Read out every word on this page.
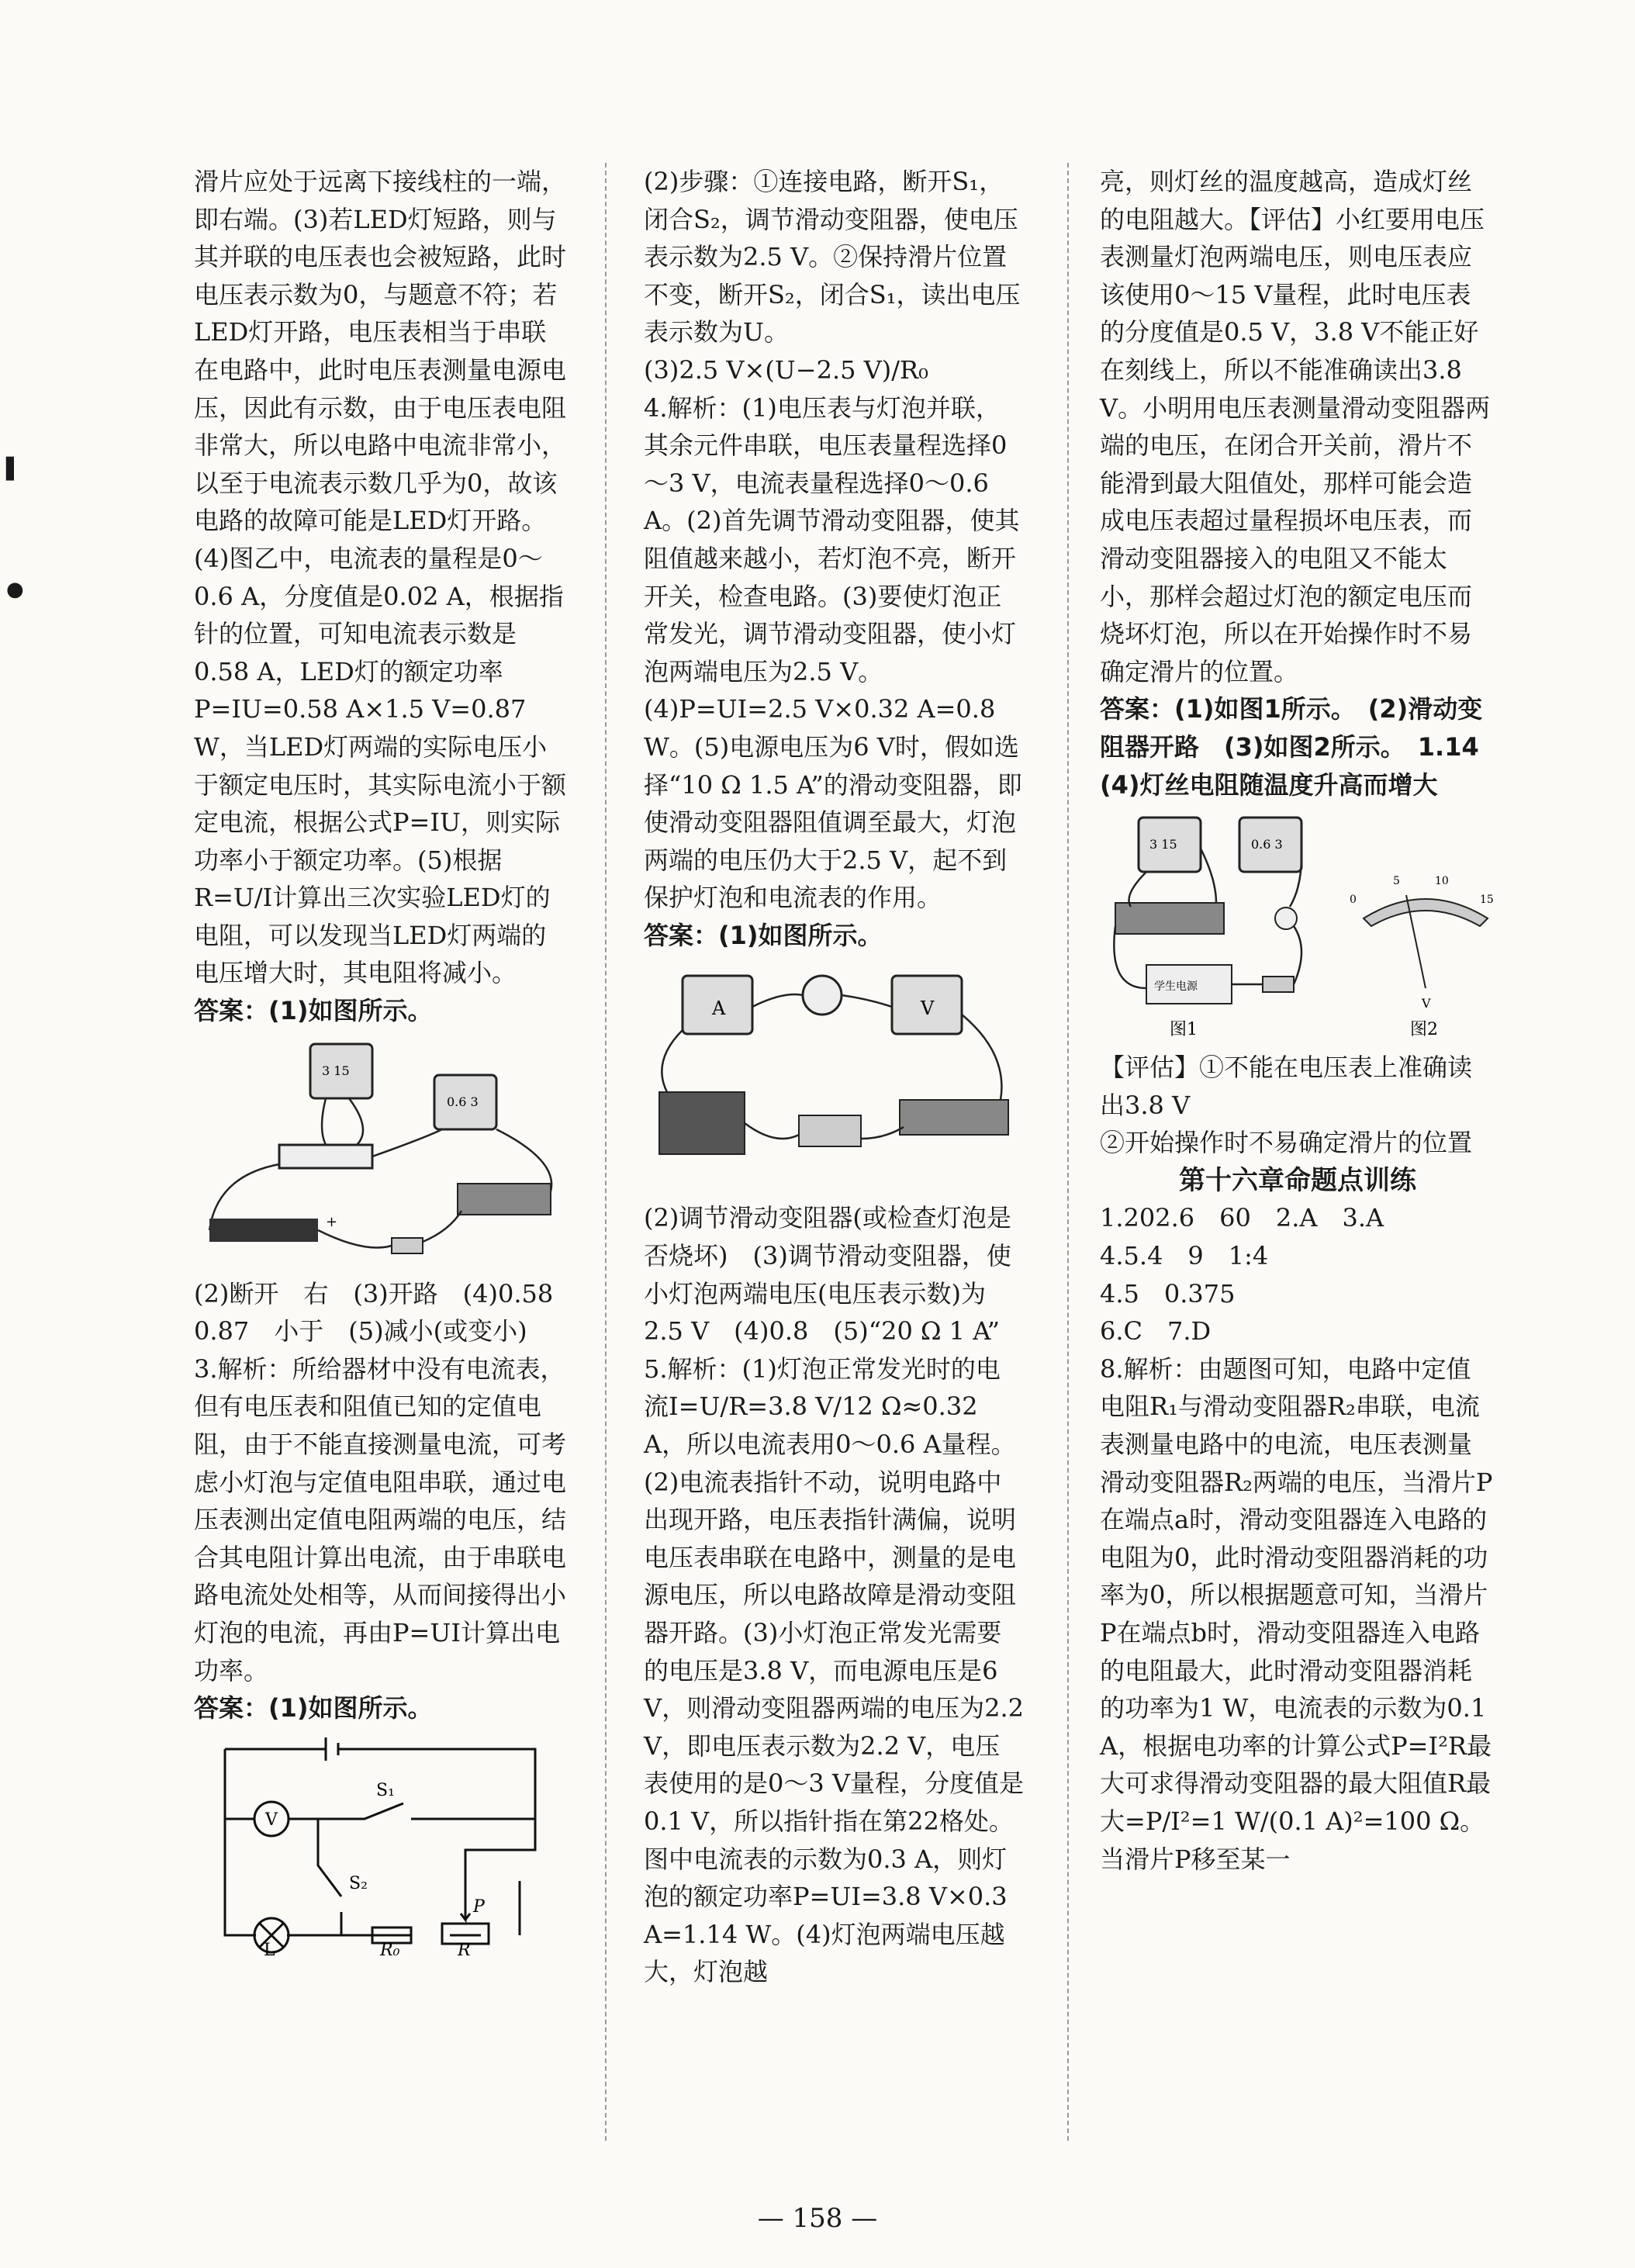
▌
●

滑片应处于远离下接线柱的一端，即右端。(3)若LED灯短路，则与其并联的电压表也会被短路，此时电压表示数为0，与题意不符；若LED灯开路，电压表相当于串联在电路中，此时电压表测量电源电压，因此有示数，由于电压表电阻非常大，所以电路中电流非常小，以至于电流表示数几乎为0，故该电路的故障可能是LED灯开路。(4)图乙中，电流表的量程是0～0.6 A，分度值是0.02 A，根据指针的位置，可知电流表示数是0.58 A，LED灯的额定功率P=IU=0.58 A×1.5 V=0.87 W，当LED灯两端的实际电压小于额定电压时，其实际电流小于额定电流，根据公式P=IU，则实际功率小于额定功率。(5)根据R=U/I计算出三次实验LED灯的电阻，可以发现当LED灯两端的电压增大时，其电阻将减小。

答案：(1)如图所示。

3 15
0.6 3
+

(2)断开　右　(3)开路　(4)0.58　0.87　小于　(5)减小(或变小)

3.解析：所给器材中没有电流表，但有电压表和阻值已知的定值电阻，由于不能直接测量电流，可考虑小灯泡与定值电阻串联，通过电压表测出定值电阻两端的电压，结合其电阻计算出电流，由于串联电路电流处处相等，从而间接得出小灯泡的电流，再由P=UI计算出电功率。

答案：(1)如图所示。

V
S₁
S₂
L	R₀	R
P

(2)步骤：①连接电路，断开S₁，闭合S₂，调节滑动变阻器，使电压表示数为2.5 V。②保持滑片位置不变，断开S₂，闭合S₁，读出电压表示数为U。

(3)2.5 V×(U−2.5 V)/R₀

4.解析：(1)电压表与灯泡并联，其余元件串联，电压表量程选择0～3 V，电流表量程选择0～0.6 A。(2)首先调节滑动变阻器，使其阻值越来越小，若灯泡不亮，断开开关，检查电路。(3)要使灯泡正常发光，调节滑动变阻器，使小灯泡两端电压为2.5 V。(4)P=UI=2.5 V×0.32 A=0.8 W。(5)电源电压为6 V时，假如选择“10 Ω 1.5 A”的滑动变阻器，即使滑动变阻器阻值调至最大，灯泡两端的电压仍大于2.5 V，起不到保护灯泡和电流表的作用。

答案：(1)如图所示。

A	V

(2)调节滑动变阻器(或检查灯泡是否烧坏)　(3)调节滑动变阻器，使小灯泡两端电压(电压表示数)为2.5 V　(4)0.8　(5)“20 Ω 1 A”

5.解析：(1)灯泡正常发光时的电流I=U/R=3.8 V/12 Ω≈0.32 A，所以电流表用0～0.6 A量程。(2)电流表指针不动，说明电路中出现开路，电压表指针满偏，说明电压表串联在电路中，测量的是电源电压，所以电路故障是滑动变阻器开路。(3)小灯泡正常发光需要的电压是3.8 V，而电源电压是6 V，则滑动变阻器两端的电压为2.2 V，即电压表示数为2.2 V，电压表使用的是0～3 V量程，分度值是0.1 V，所以指针指在第22格处。图中电流表的示数为0.3 A，则灯泡的额定功率P=UI=3.8 V×0.3 A=1.14 W。(4)灯泡两端电压越大，灯泡越

亮，则灯丝的温度越高，造成灯丝的电阻越大。【评估】小红要用电压表测量灯泡两端电压，则电压表应该使用0～15 V量程，此时电压表的分度值是0.5 V，3.8 V不能正好在刻线上，所以不能准确读出3.8 V。小明用电压表测量滑动变阻器两端的电压，在闭合开关前，滑片不能滑到最大阻值处，那样可能会造成电压表超过量程损坏电压表，而滑动变阻器接入的电阻又不能太小，那样会超过灯泡的额定电压而烧坏灯泡，所以在开始操作时不易确定滑片的位置。

答案：(1)如图1所示。　(2)滑动变阻器开路　(3)如图2所示。　1.14　(4)灯丝电阻随温度升高而增大

3 15	0.6 3
学生电源
0
5	10
15
V
图1	图2

【评估】①不能在电压表上准确读出3.8 V

②开始操作时不易确定滑片的位置

第十六章命题点训练

1.202.6　60　2.A　3.A

4.5.4　9　1:4

4.5　0.375

6.C　7.D

8.解析：由题图可知，电路中定值电阻R₁与滑动变阻器R₂串联，电流表测量电路中的电流，电压表测量滑动变阻器R₂两端的电压，当滑片P在端点a时，滑动变阻器连入电路的电阻为0，此时滑动变阻器消耗的功率为0，所以根据题意可知，当滑片P在端点b时，滑动变阻器连入电路的电阻最大，此时滑动变阻器消耗的功率为1 W，电流表的示数为0.1 A，根据电功率的计算公式P=I²R最大可求得滑动变阻器的最大阻值R最大=P/I²=1 W/(0.1 A)²=100 Ω。当滑片P移至某一

— 158 —
